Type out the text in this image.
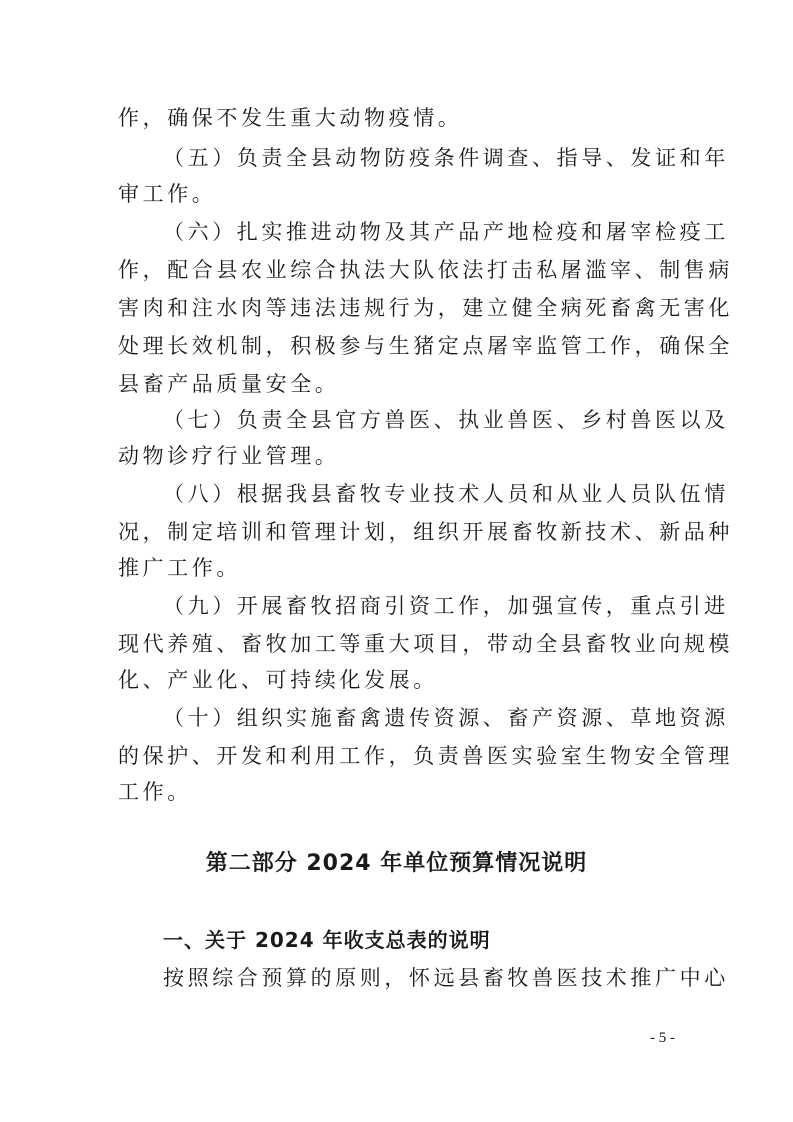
作，确保不发生重大动物疫情。
（五）负责全县动物防疫条件调查、指导、发证和年
审工作。
（六）扎实推进动物及其产品产地检疫和屠宰检疫工
作，配合县农业综合执法大队依法打击私屠滥宰、制售病
害肉和注水肉等违法违规行为，建立健全病死畜禽无害化
处理长效机制，积极参与生猪定点屠宰监管工作，确保全
县畜产品质量安全。
（七）负责全县官方兽医、执业兽医、乡村兽医以及
动物诊疗行业管理。
（八）根据我县畜牧专业技术人员和从业人员队伍情
况，制定培训和管理计划，组织开展畜牧新技术、新品种
推广工作。
（九）开展畜牧招商引资工作，加强宣传，重点引进
现代养殖、畜牧加工等重大项目，带动全县畜牧业向规模
化、产业化、可持续化发展。
（十）组织实施畜禽遗传资源、畜产资源、草地资源
的保护、开发和利用工作，负责兽医实验室生物安全管理
工作。
第二部分 2024 年单位预算情况说明
一、关于 2024 年收支总表的说明
按照综合预算的原则，怀远县畜牧兽医技术推广中心
- 5 -
